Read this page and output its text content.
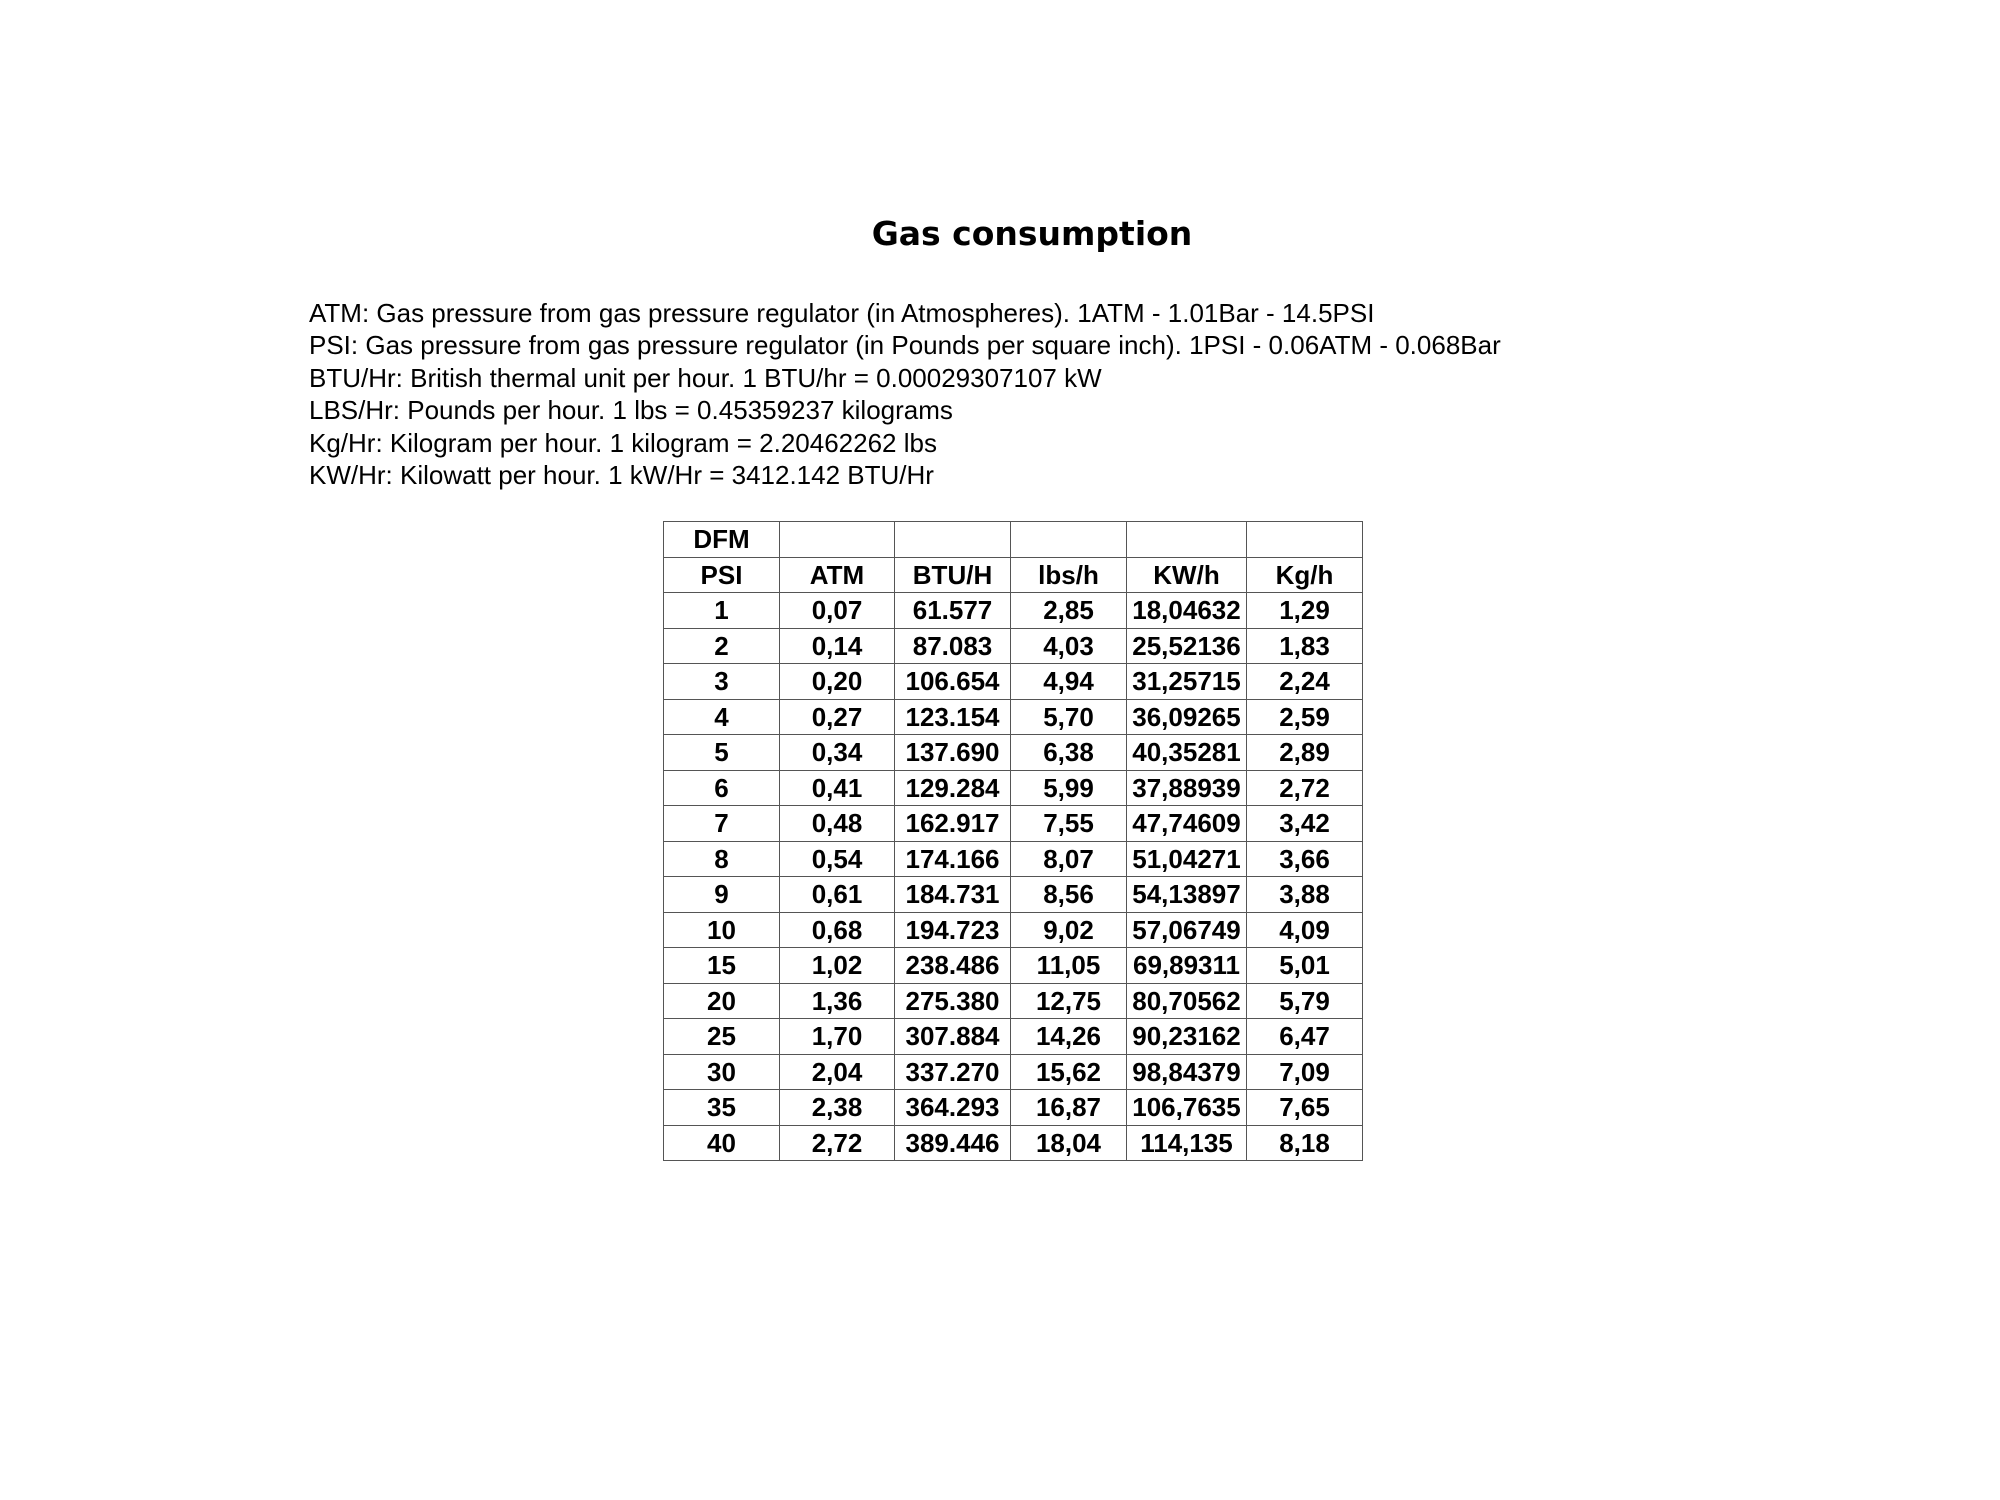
Gas consumption
ATM: Gas pressure from gas pressure regulator (in Atmospheres). 1ATM - 1.01Bar - 14.5PSI
PSI: Gas pressure from gas pressure regulator (in Pounds per square inch). 1PSI - 0.06ATM - 0.068Bar
BTU/Hr: British thermal unit per hour. 1 BTU/hr = 0.00029307107 kW
LBS/Hr: Pounds per hour. 1 lbs = 0.45359237 kilograms
Kg/Hr: Kilogram per hour. 1 kilogram = 2.20462262 lbs
KW/Hr: Kilowatt per hour. 1 kW/Hr = 3412.142 BTU/Hr
DFM					
PSI	ATM	BTU/H	lbs/h	KW/h	Kg/h
1	0,07	61.577	2,85	18,04632	1,29
2	0,14	87.083	4,03	25,52136	1,83
3	0,20	106.654	4,94	31,25715	2,24
4	0,27	123.154	5,70	36,09265	2,59
5	0,34	137.690	6,38	40,35281	2,89
6	0,41	129.284	5,99	37,88939	2,72
7	0,48	162.917	7,55	47,74609	3,42
8	0,54	174.166	8,07	51,04271	3,66
9	0,61	184.731	8,56	54,13897	3,88
10	0,68	194.723	9,02	57,06749	4,09
15	1,02	238.486	11,05	69,89311	5,01
20	1,36	275.380	12,75	80,70562	5,79
25	1,70	307.884	14,26	90,23162	6,47
30	2,04	337.270	15,62	98,84379	7,09
35	2,38	364.293	16,87	106,7635	7,65
40	2,72	389.446	18,04	114,135	8,18
